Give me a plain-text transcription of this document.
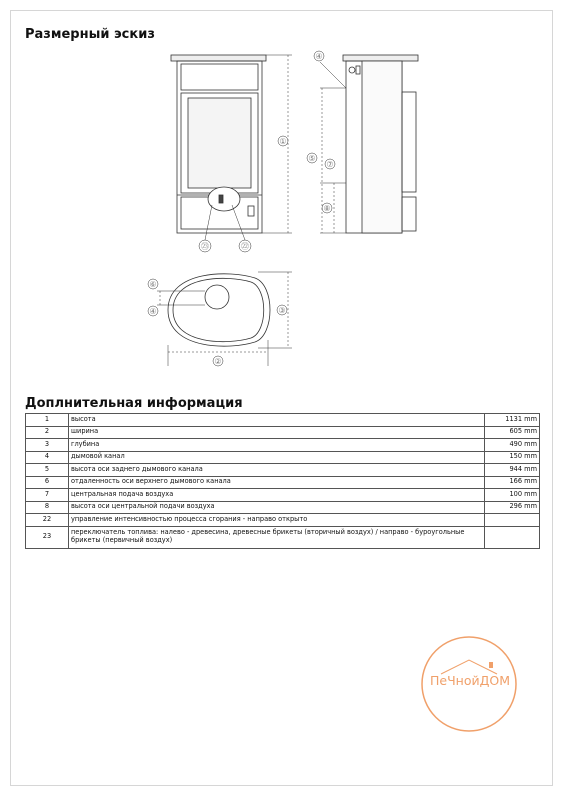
Размерный эскиз
①
㉓	㉒
④
⑤
⑦
⑧
⑥
④	③
②
Доплнительная информация
1	высота	1131 mm
2	ширина	605 mm
3	глубина	490 mm
4	дымовой канал	150 mm
5	высота оси заднего дымового канала	944 mm
6	отдаленность оси верхнего дымового канала	166 mm
7	центральная подача воздуха	100 mm
8	высота оси центральной подачи воздуха	296 mm
22	управление интенсивностью процесса сгорания - направо открыто	
23	переключатель топлива: налево - древесина, древесные брикеты (вторичный воздух) / направо - буроугольные брикеты (первичный воздух)	
ПеЧнойДОМ
